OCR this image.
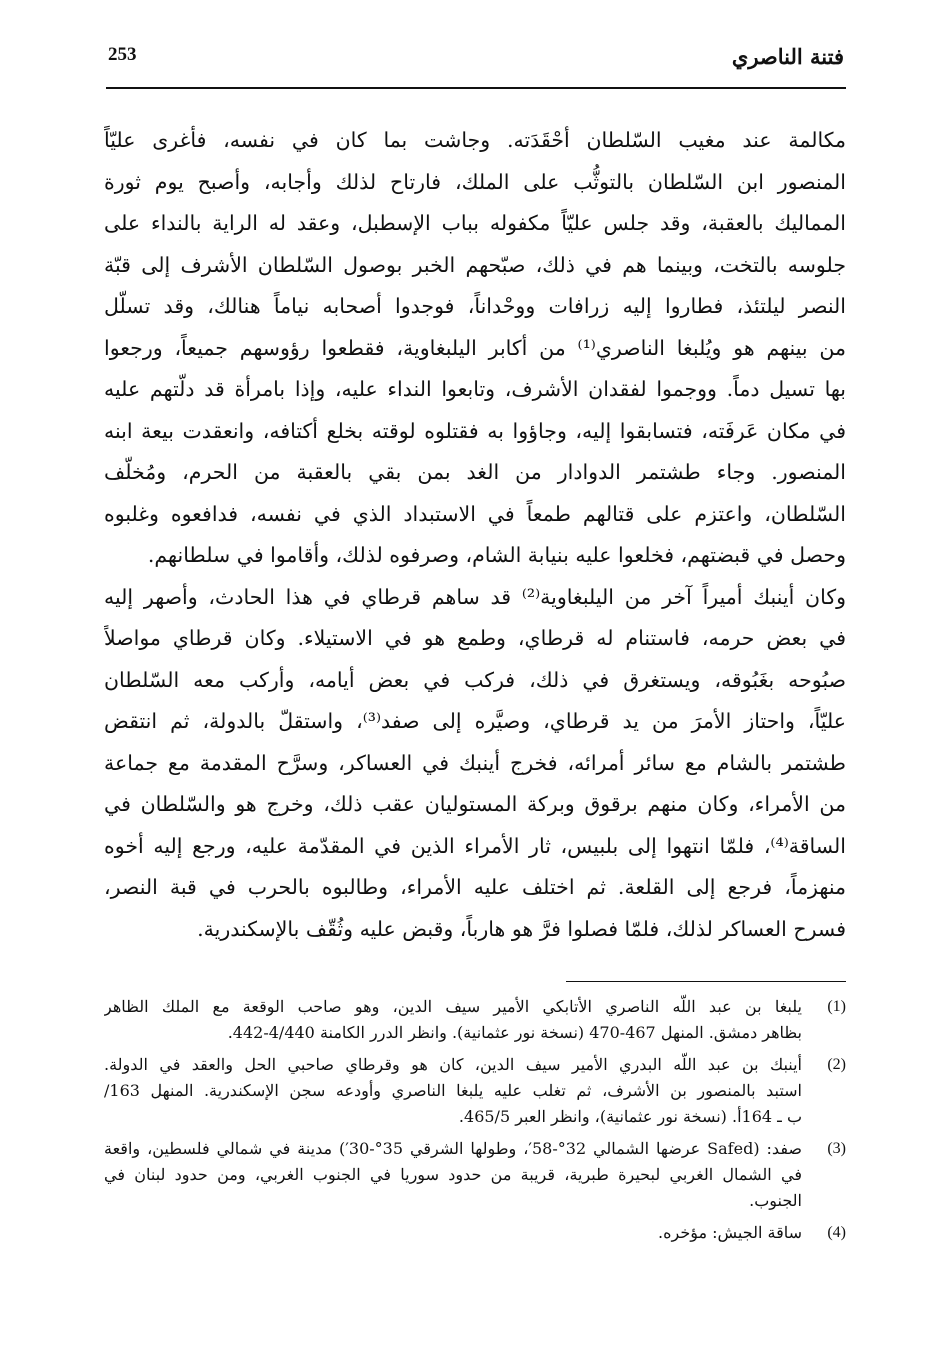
فتنة الناصري
253
مكالمة عند مغيب السّلطان أحْقَدَته. وجاشت بما كان في نفسه، فأغرى عليّاً
المنصور ابن السّلطان بالتوثُّب على الملك، فارتاح لذلك وأجابه، وأصبح يوم ثورة
المماليك بالعقبة، وقد جلس عليّاً مكفوله بباب الإسطبل، وعقد له الراية بالنداء على
جلوسه بالتخت، وبينما هم في ذلك، صبّحهم الخبر بوصول السّلطان الأشرف إلى قبّة
النصر ليلتئذ، فطاروا إليه زرافات ووحْداناً، فوجدوا أصحابه نياماً هنالك، وقد تسلّل
من بينهم هو ويُلبغا الناصري⁽¹⁾ من أكابر اليلبغاوية، فقطعوا رؤوسهم جميعاً، ورجعوا
بها تسيل دماً. ووجموا لفقدان الأشرف، وتابعوا النداء عليه، وإذا بامرأة قد دلّتهم عليه
في مكان عَرفَته، فتسابقوا إليه، وجاؤوا به فقتلوه لوقته بخلع أكتافه، وانعقدت بيعة ابنه
المنصور. وجاء طشتمر الدوادار من الغد بمن بقي بالعقبة من الحرم، ومُخلّف
السّلطان، واعتزم على قتالهم طمعاً في الاستبداد الذي في نفسه، فدافعوه وغلبوه
وحصل في قبضتهم، فخلعوا عليه بنيابة الشام، وصرفوه لذلك، وأقاموا في سلطانهم.
وكان أينبك أميراً آخر من اليلبغاوية⁽²⁾ قد ساهم قرطاي في هذا الحادث، وأصهر إليه
في بعض حرمه، فاستنام له قرطاي، وطمع هو في الاستيلاء. وكان قرطاي مواصلاً
صبُوحه بغَبُوقه، ويستغرق في ذلك، فركب في بعض أيامه، وأركب معه السّلطان
عليّاً، واحتاز الأمرَ من يد قرطاي، وصيَّره إلى صفد⁽³⁾، واستقلّ بالدولة، ثم انتقض
طشتمر بالشام مع سائر أمرائه، فخرج أينبك في العساكر، وسرَّح المقدمة مع جماعة
من الأمراء، وكان منهم برقوق وبركة المستوليان عقب ذلك، وخرج هو والسّلطان في
الساقة⁽⁴⁾، فلمّا انتهوا إلى بلبيس، ثار الأمراء الذين في المقدّمة عليه، ورجع إليه أخوه
منهزماً، فرجع إلى القلعة. ثم اختلف عليه الأمراء، وطالبوه بالحرب في قبة النصر،
فسرح العساكر لذلك، فلمّا فصلوا فرَّ هو هارباً، وقبض عليه وثُقّف بالإسكندرية.
(1)
يلبغا بن عبد اللّه الناصري الأتابكي الأمير سيف الدين، وهو صاحب الوقعة مع الملك الظاهر
بظاهر دمشق. المنهل 467-470 (نسخة نور عثمانية). وانظر الدرر الكامنة 4/440-442.
(2)
أينبك بن عبد اللّه البدري الأمير سيف الدين، كان هو وقرطاي صاحبي الحل والعقد في الدولة.
استبد بالمنصور بن الأشرف، ثم تغلب عليه يلبغا الناصري وأودعه سجن الإسكندرية. المنهل 163/
ب ـ 164أ. (نسخة نور عثمانية)، وانظر العبر 465/5.
(3)
صفد: (Safed عرضها الشمالي 32°-58′، وطولها الشرقي 35°-30′) مدينة في شمالي فلسطين، واقعة
في الشمال الغربي لبحيرة طبرية، قريبة من حدود سوريا في الجنوب الغربي، ومن حدود لبنان في
الجنوب.
(4)
ساقة الجيش: مؤخره.
